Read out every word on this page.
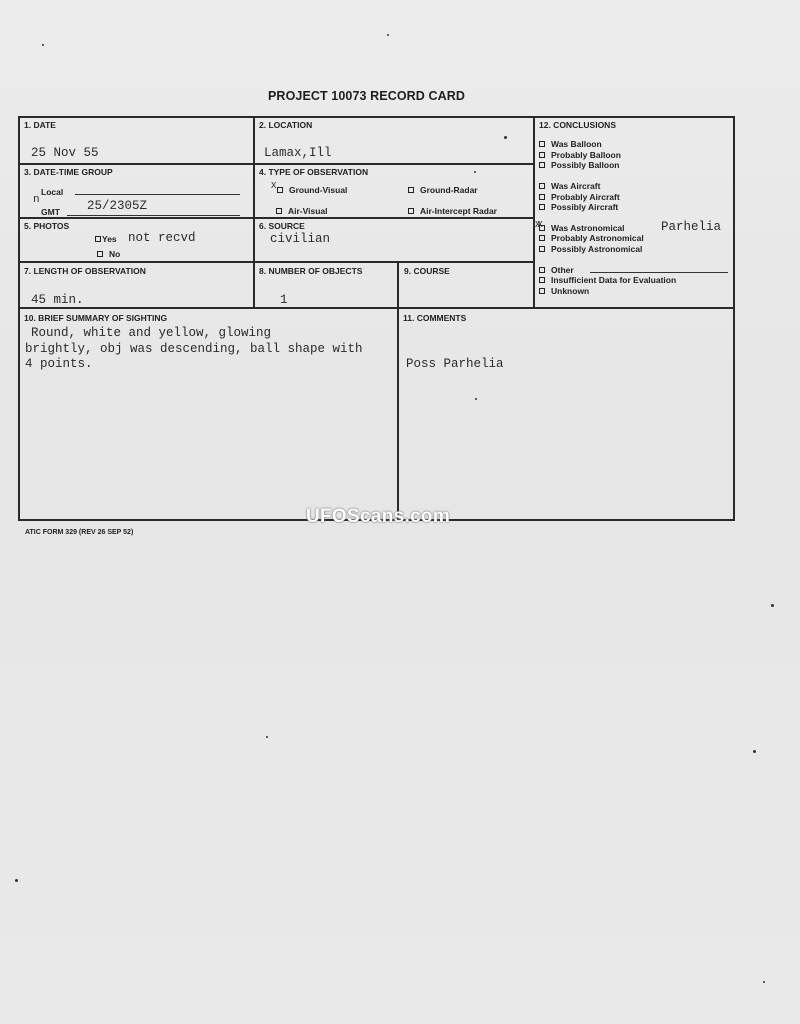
PROJECT 10073 RECORD CARD
1. DATE
25 Nov 55
2. LOCATION
Lamax,Ill
3. DATE-TIME GROUP
Local
n
GMT 25/2305Z
4. TYPE OF OBSERVATION
X Ground-Visual	Ground-Radar
Air-Visual	Air-Intercept Radar
5. PHOTOS
Yes not recvd
No
6. SOURCE
civilian
7. LENGTH OF OBSERVATION
45 min.
8. NUMBER OF OBJECTS
1
9. COURSE
10. BRIEF SUMMARY OF SIGHTING
Round, white and yellow, glowing
brightly, obj was descending, ball shape with
4 points.
11. COMMENTS
Poss Parhelia
12. CONCLUSIONS
Was Balloon
Probably Balloon
Possibly Balloon
Was Aircraft
Probably Aircraft
Possibly Aircraft
XX Was Astronomical	Parhelia
Probably Astronomical
Possibly Astronomical
Other
Insufficient Data for Evaluation
Unknown
UFOScans.com
ATIC FORM 329 (REV 26 SEP 52)
